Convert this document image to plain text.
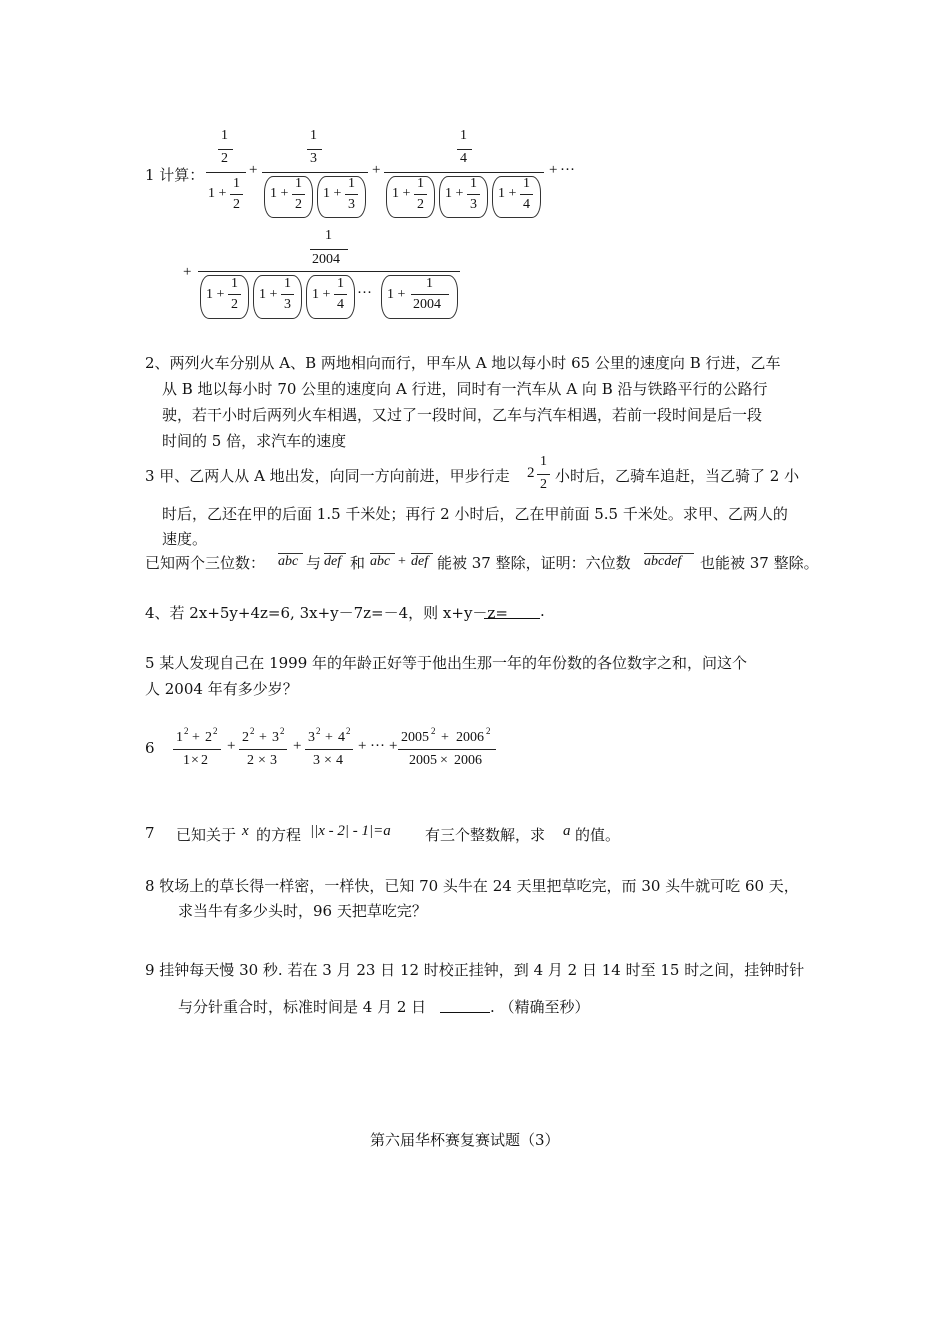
1 计算：
1
2
1 +
1
2
+
1
3
1 +
1
2
1 +
1
3
+
1
4
1 +
1
2
1 +
1
3
1 +
1
4
+ ···
+
1
2004
1 +
1
2
1 +
1
3
1 +
1
4
··· 1 +
1
2004
2、两列火车分别从 A、B 两地相向而行，甲车从 A 地以每小时 65 公里的速度向 B 行进，乙车
从 B 地以每小时 70 公里的速度向 A 行进，同时有一汽车从 A 向 B 沿与铁路平行的公路行
驶，若干小时后两列火车相遇，又过了一段时间，乙车与汽车相遇，若前一段时间是后一段
时间的 5 倍，求汽车的速度
3 甲、乙两人从 A 地出发，向同一方向前进，甲步行走 2
1
2 小时后，乙骑车追赶，当乙骑了 2 小
时后，乙还在甲的后面 1.5 千米处；再行 2 小时后，乙在甲前面 5.5 千米处。求甲、乙两人的
速度。
已知两个三位数： abc 与 def 和 abc + def 能被 37 整除，证明：六位数 abcdef 也能被 37 整除。
4、若 2x+5y+4z=6, 3x+y－7z=－4，则 x+y－z= .
5 某人发现自己在 1999 年的年龄正好等于他出生那一年的年份数的各位数字之和，问这个
人 2004 年有多少岁？
6
1 2 + 2 2
1 × 2
+
2 2 + 3 2
2 × 3
+
3 2 + 4 2
3 × 4
+ ··· +
2005 2 + 2006 2
2005 × 2006
7 已知关于 x 的方程 ||x - 2| - 1|=a 有三个整数解，求 a 的值。
8 牧场上的草长得一样密，一样快，已知 70 头牛在 24 天里把草吃完，而 30 头牛就可吃 60 天，
求当牛有多少头时，96 天把草吃完？
9 挂钟每天慢 30 秒. 若在 3 月 23 日 12 时校正挂钟，到 4 月 2 日 14 时至 15 时之间，挂钟时针
与分针重合时，标准时间是 4 月 2 日	. （精确至秒）
第六届华杯赛复赛试题（3）
